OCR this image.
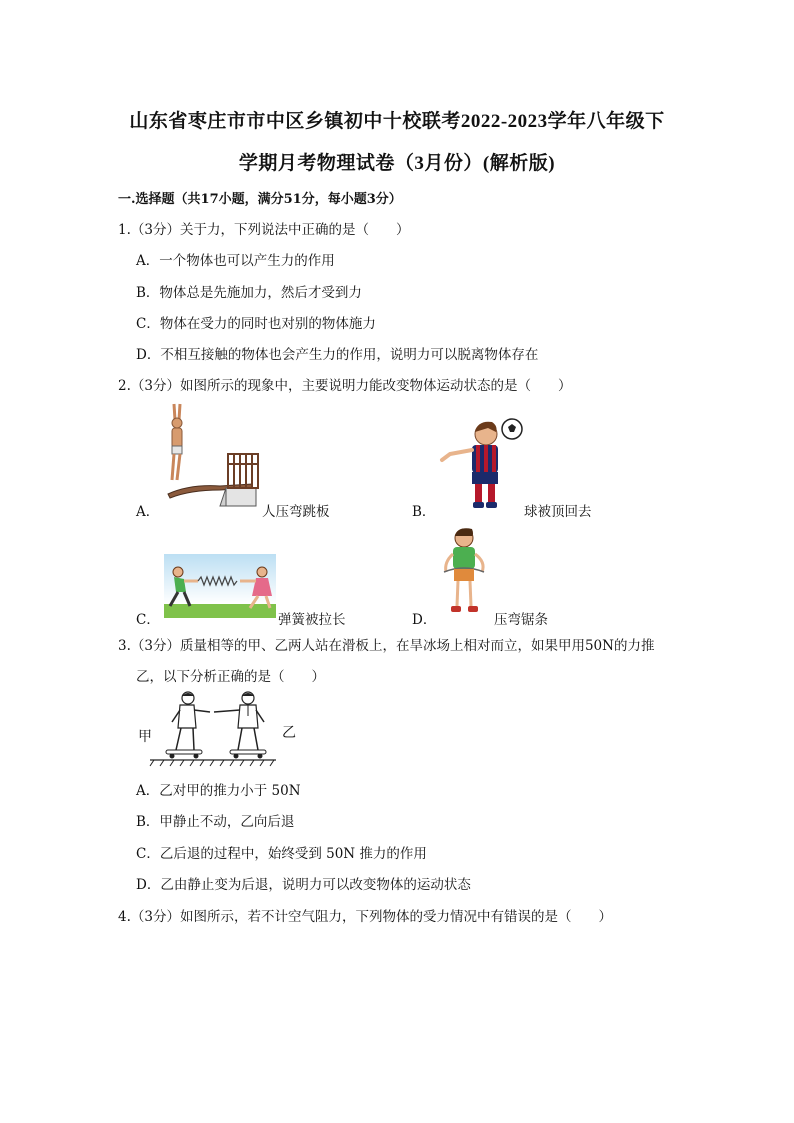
山东省枣庄市市中区乡镇初中十校联考2022-2023学年八年级下
学期月考物理试卷（3月份）(解析版)
一.选择题（共17小题，满分51分，每小题3分）
1.（3分）关于力，下列说法中正确的是（　　）
A．一个物体也可以产生力的作用
B．物体总是先施加力，然后才受到力
C．物体在受力的同时也对别的物体施力
D．不相互接触的物体也会产生力的作用，说明力可以脱离物体存在
2.（3分）如图所示的现象中，主要说明力能改变物体运动状态的是（　　）
A．	人压弯跳板	B．	球被顶回去
C．	弹簧被拉长	D．	压弯锯条
3.（3分）质量相等的甲、乙两人站在滑板上，在旱冰场上相对而立，如果甲用50N的力推
乙，以下分析正确的是（　　）
甲	乙
A．乙对甲的推力小于 50N
B．甲静止不动，乙向后退
C．乙后退的过程中，始终受到 50N 推力的作用
D．乙由静止变为后退，说明力可以改变物体的运动状态
4.（3分）如图所示，若不计空气阻力，下列物体的受力情况中有错误的是（　　）
